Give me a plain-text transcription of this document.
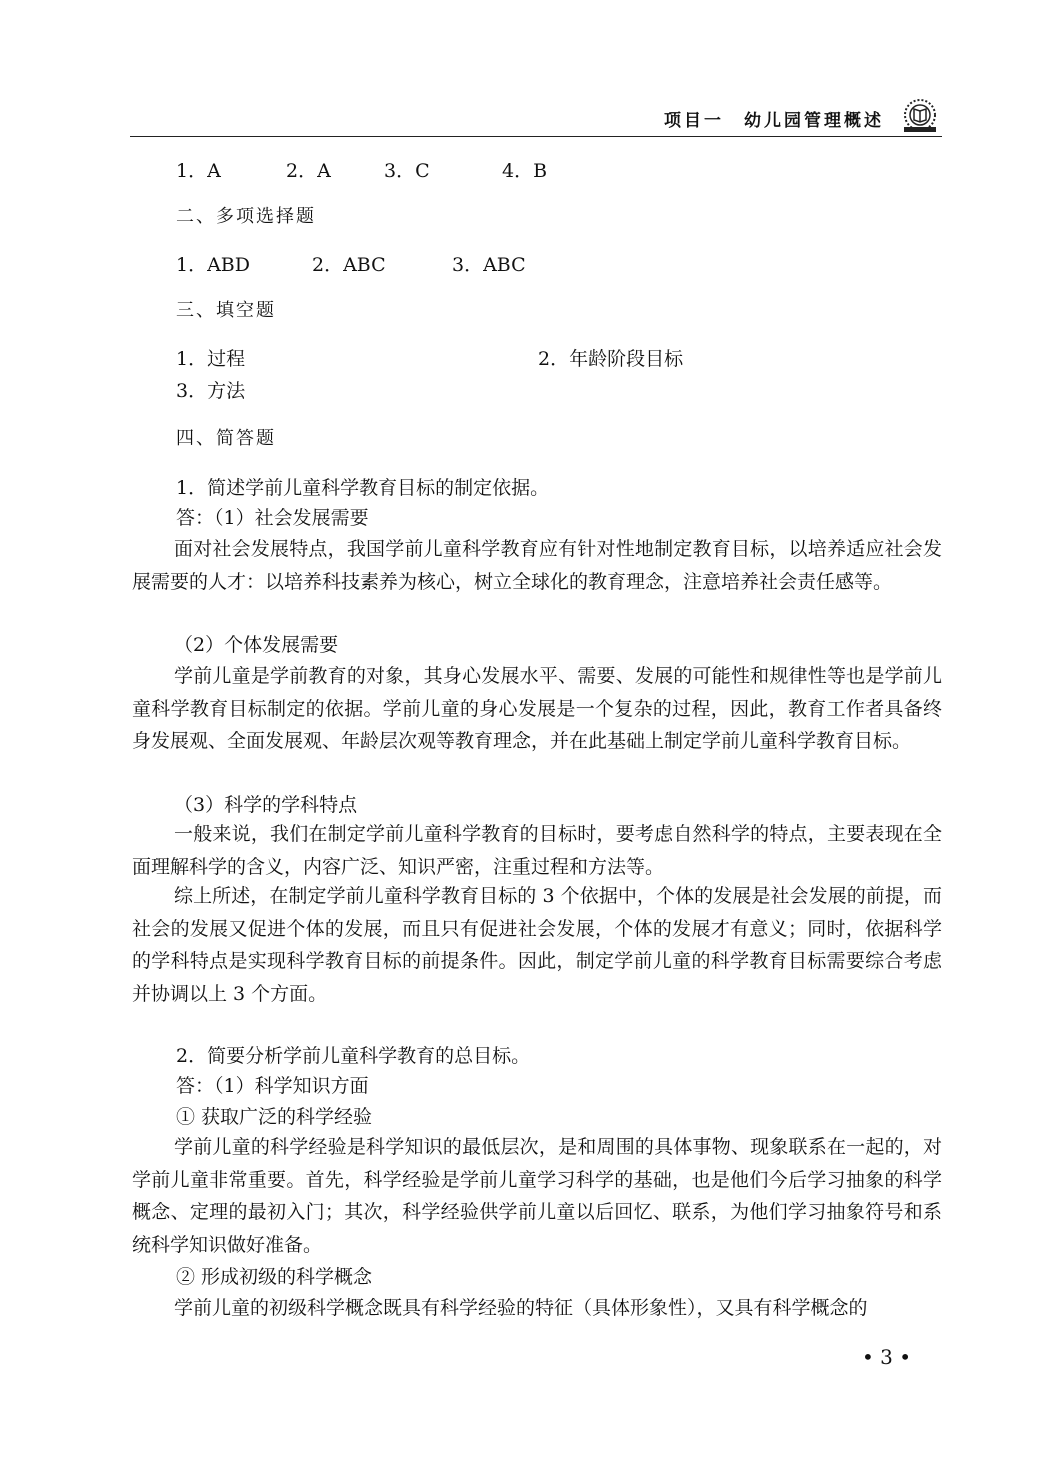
项目一　幼儿园管理概述
1．A	2．A	3．C	4．B
二、多项选择题
1．ABD	2．ABC	3．ABC
三、填空题
1．过程	2．年龄阶段目标
3．方法
四、简答题
1．简述学前儿童科学教育目标的制定依据。
答：（1）社会发展需要
面对社会发展特点，我国学前儿童科学教育应有针对性地制定教育目标，以培养适应社会发展需要的人才：以培养科技素养为核心，树立全球化的教育理念，注意培养社会责任感等。
（2）个体发展需要
学前儿童是学前教育的对象，其身心发展水平、需要、发展的可能性和规律性等也是学前儿童科学教育目标制定的依据。学前儿童的身心发展是一个复杂的过程，因此，教育工作者具备终身发展观、全面发展观、年龄层次观等教育理念，并在此基础上制定学前儿童科学教育目标。
（3）科学的学科特点
一般来说，我们在制定学前儿童科学教育的目标时，要考虑自然科学的特点，主要表现在全面理解科学的含义，内容广泛、知识严密，注重过程和方法等。
综上所述，在制定学前儿童科学教育目标的 3 个依据中，个体的发展是社会发展的前提，而社会的发展又促进个体的发展，而且只有促进社会发展，个体的发展才有意义；同时，依据科学的学科特点是实现科学教育目标的前提条件。因此，制定学前儿童的科学教育目标需要综合考虑并协调以上 3 个方面。
2．简要分析学前儿童科学教育的总目标。
答：（1）科学知识方面
① 获取广泛的科学经验
学前儿童的科学经验是科学知识的最低层次，是和周围的具体事物、现象联系在一起的，对学前儿童非常重要。首先，科学经验是学前儿童学习科学的基础，也是他们今后学习抽象的科学概念、定理的最初入门；其次，科学经验供学前儿童以后回忆、联系，为他们学习抽象符号和系统科学知识做好准备。
② 形成初级的科学概念
学前儿童的初级科学概念既具有科学经验的特征（具体形象性），又具有科学概念的
• 3 •
